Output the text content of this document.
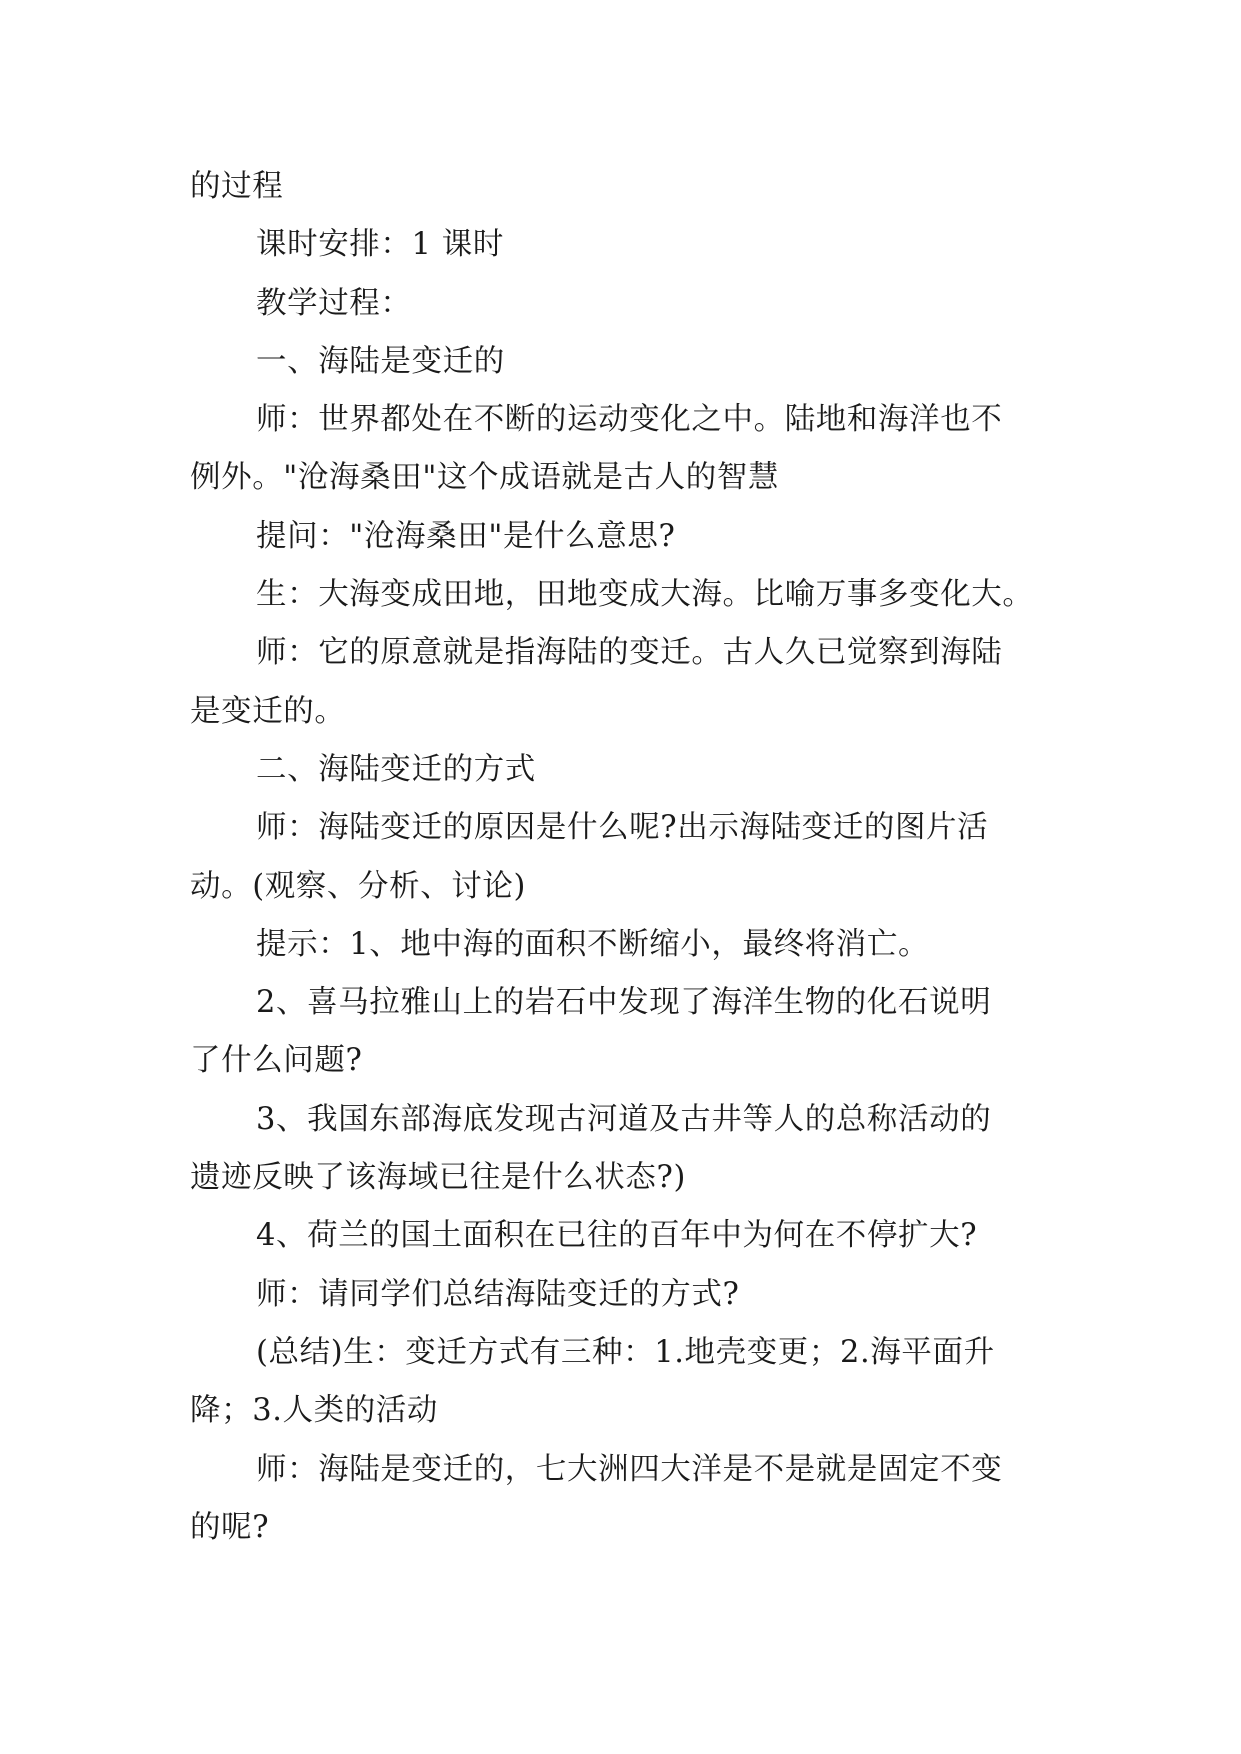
的过程

课时安排：1 课时

教学过程：

一、海陆是变迁的

师：世界都处在不断的运动变化之中。陆地和海洋也不

例外。"沧海桑田"这个成语就是古人的智慧

提问："沧海桑田"是什么意思?

生：大海变成田地，田地变成大海。比喻万事多变化大。

师：它的原意就是指海陆的变迁。古人久已觉察到海陆

是变迁的。

二、海陆变迁的方式

师：海陆变迁的原因是什么呢?出示海陆变迁的图片活

动。(观察、分析、讨论)

提示：1、地中海的面积不断缩小，最终将消亡。

2、喜马拉雅山上的岩石中发现了海洋生物的化石说明

了什么问题?

3、我国东部海底发现古河道及古井等人的总称活动的

遗迹反映了该海域已往是什么状态?)

4、荷兰的国土面积在已往的百年中为何在不停扩大?

师：请同学们总结海陆变迁的方式?

(总结)生：变迁方式有三种：1.地壳变更；2.海平面升

降；3.人类的活动

师：海陆是变迁的，七大洲四大洋是不是就是固定不变

的呢?
